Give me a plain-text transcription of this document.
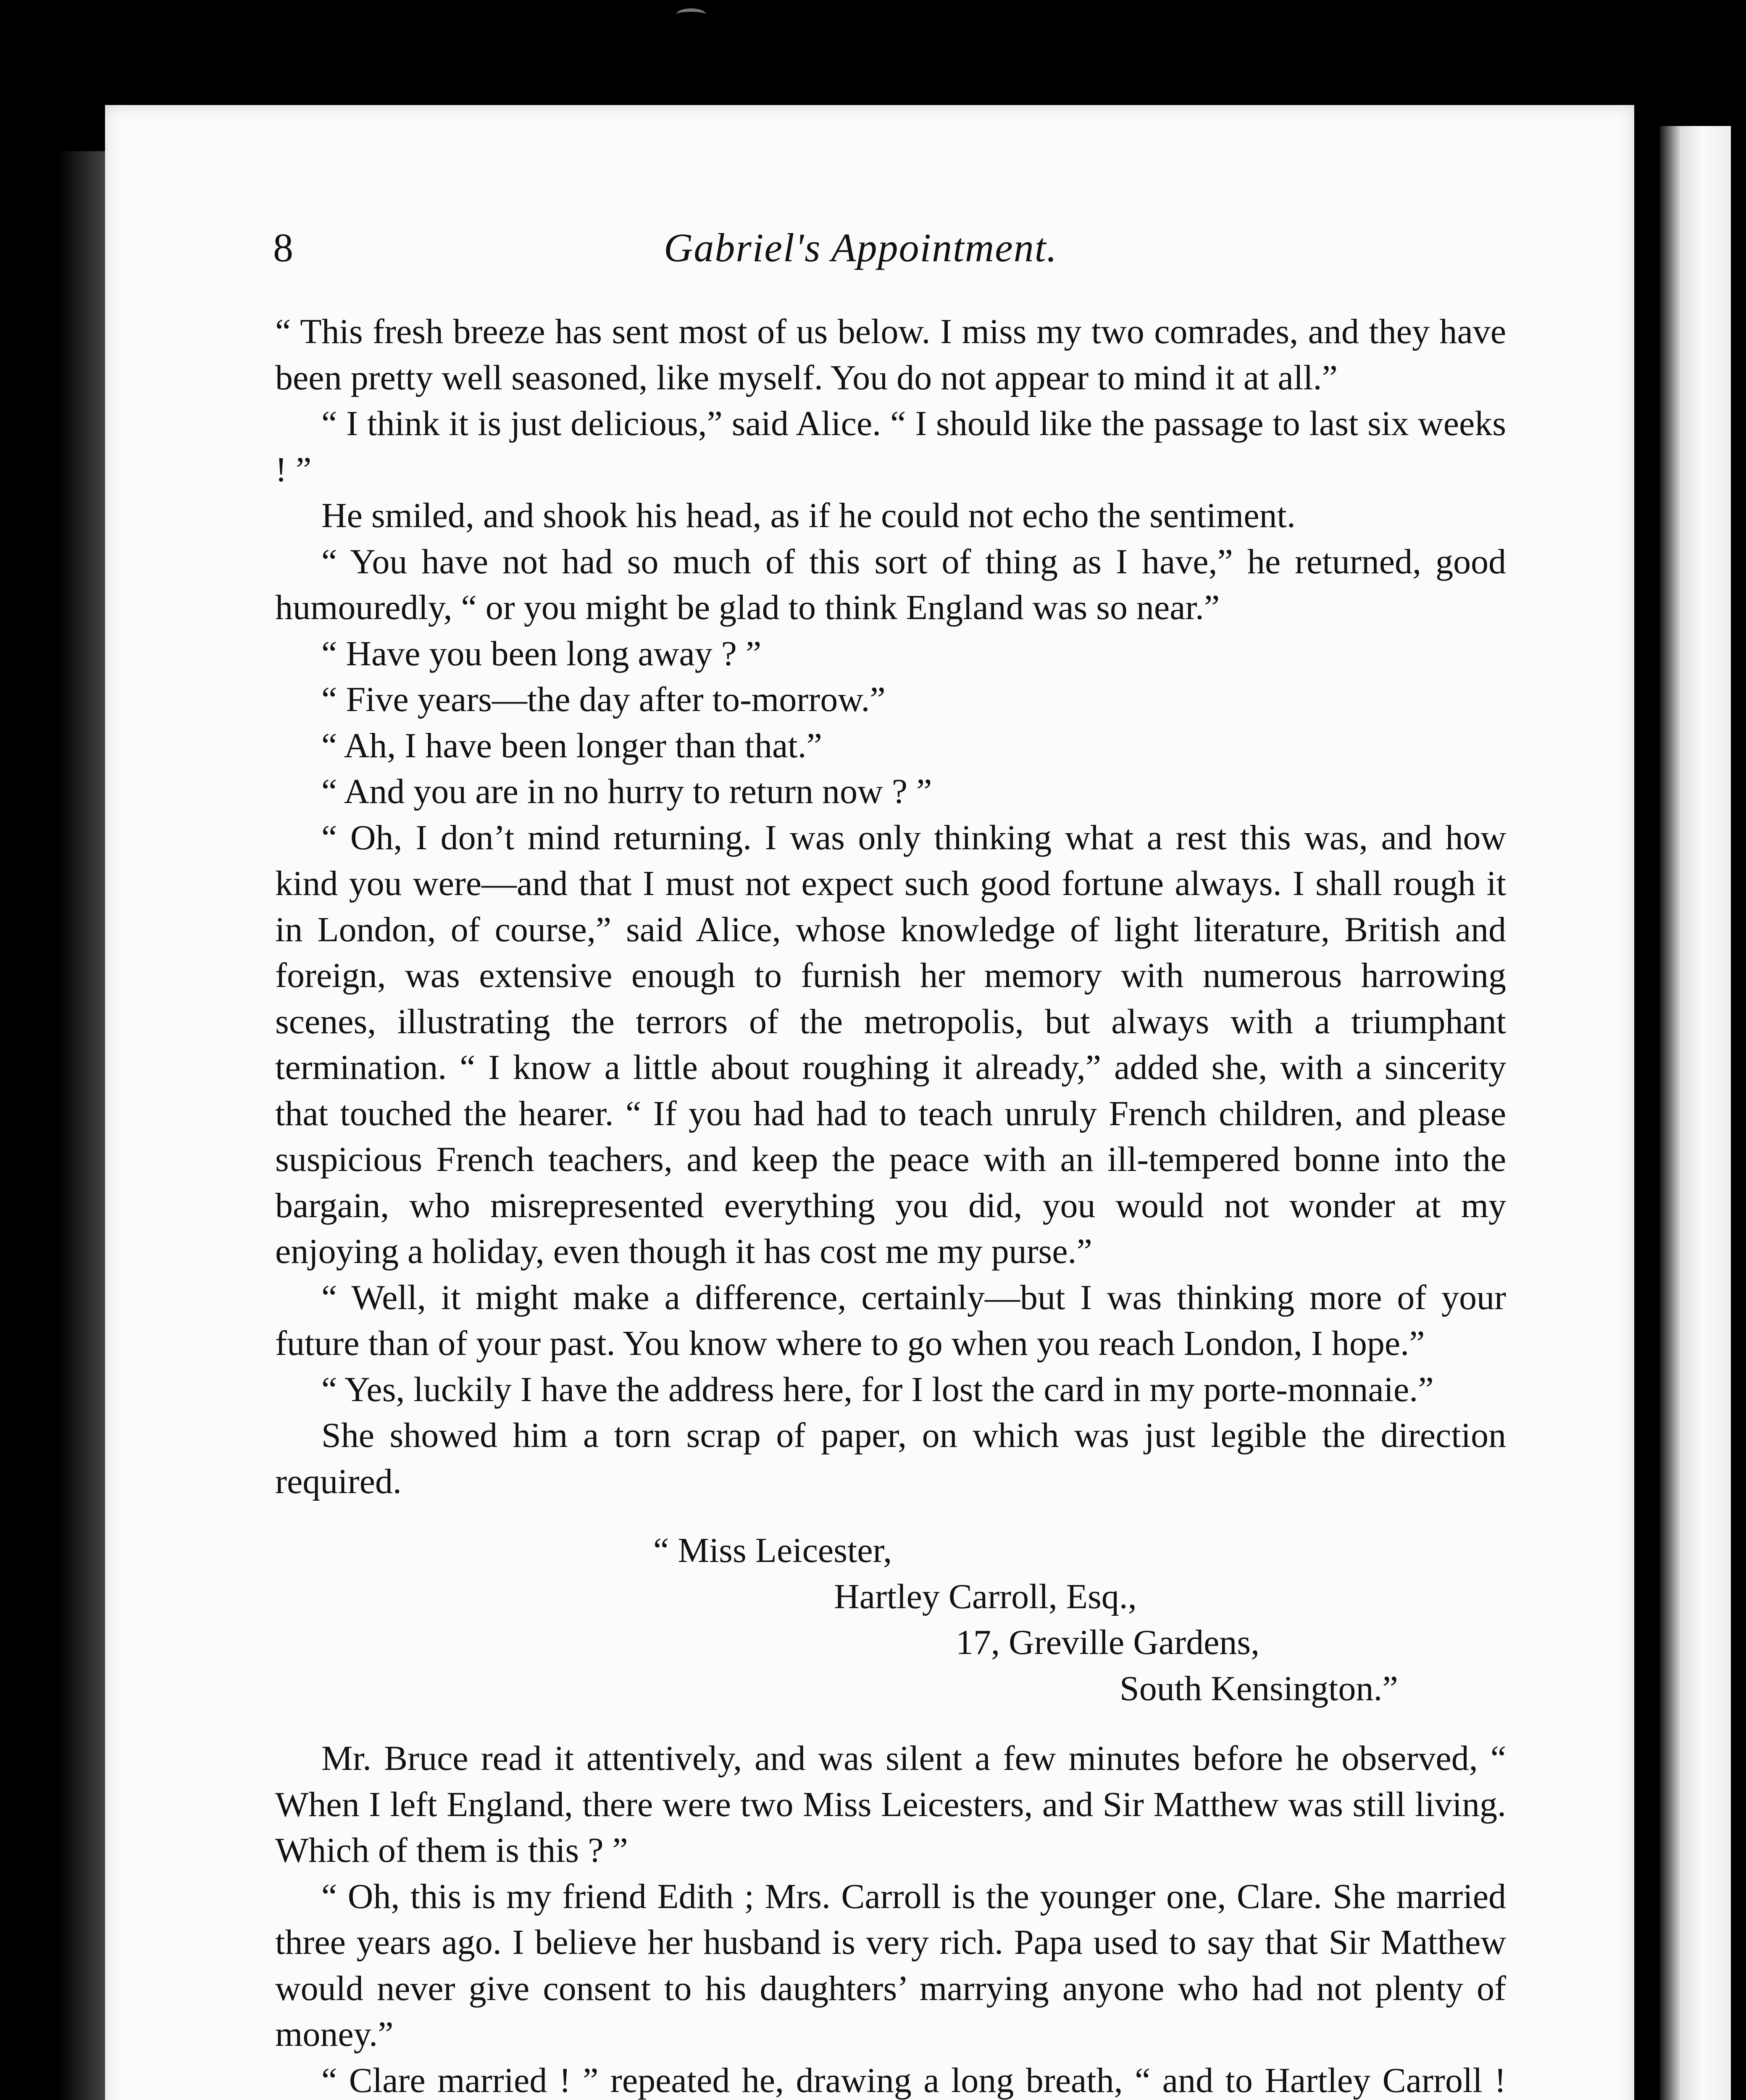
8	Gabriel's Appointment.

“ This fresh breeze has sent most of us below. I miss my two comrades, and they have been pretty well seasoned, like myself. You do not appear to mind it at all.”

“ I think it is just delicious,” said Alice. “ I should like the passage to last six weeks ! ”

He smiled, and shook his head, as if he could not echo the sentiment.

“ You have not had so much of this sort of thing as I have,” he returned, good humouredly, “ or you might be glad to think England was so near.”

“ Have you been long away ? ”

“ Five years—the day after to-morrow.”

“ Ah, I have been longer than that.”

“ And you are in no hurry to return now ? ”

“ Oh, I don’t mind returning. I was only thinking what a rest this was, and how kind you were—and that I must not expect such good fortune always. I shall rough it in London, of course,” said Alice, whose knowledge of light literature, British and foreign, was extensive enough to furnish her memory with numerous harrowing scenes, illustrating the terrors of the metropolis, but always with a triumphant termination. “ I know a little about roughing it already,” added she, with a sincerity that touched the hearer. “ If you had had to teach unruly French children, and please suspicious French teachers, and keep the peace with an ill-tempered bonne into the bargain, who misrepresented everything you did, you would not wonder at my enjoying a holiday, even though it has cost me my purse.”

“ Well, it might make a difference, certainly—but I was thinking more of your future than of your past. You know where to go when you reach London, I hope.”

“ Yes, luckily I have the address here, for I lost the card in my porte-monnaie.”

She showed him a torn scrap of paper, on which was just legible the direction required.

“ Miss Leicester,
Hartley Carroll, Esq.,
17, Greville Gardens,
South Kensington.”

Mr. Bruce read it attentively, and was silent a few minutes before he observed, “ When I left England, there were two Miss Leicesters, and Sir Matthew was still living. Which of them is this ? ”

“ Oh, this is my friend Edith ; Mrs. Carroll is the younger one, Clare. She married three years ago. I believe her husband is very rich. Papa used to say that Sir Matthew would never give consent to his daughters’ marrying anyone who had not plenty of money.”

“ Clare married ! ” repeated he, drawing a long breath, “ and to Hartley Carroll !
